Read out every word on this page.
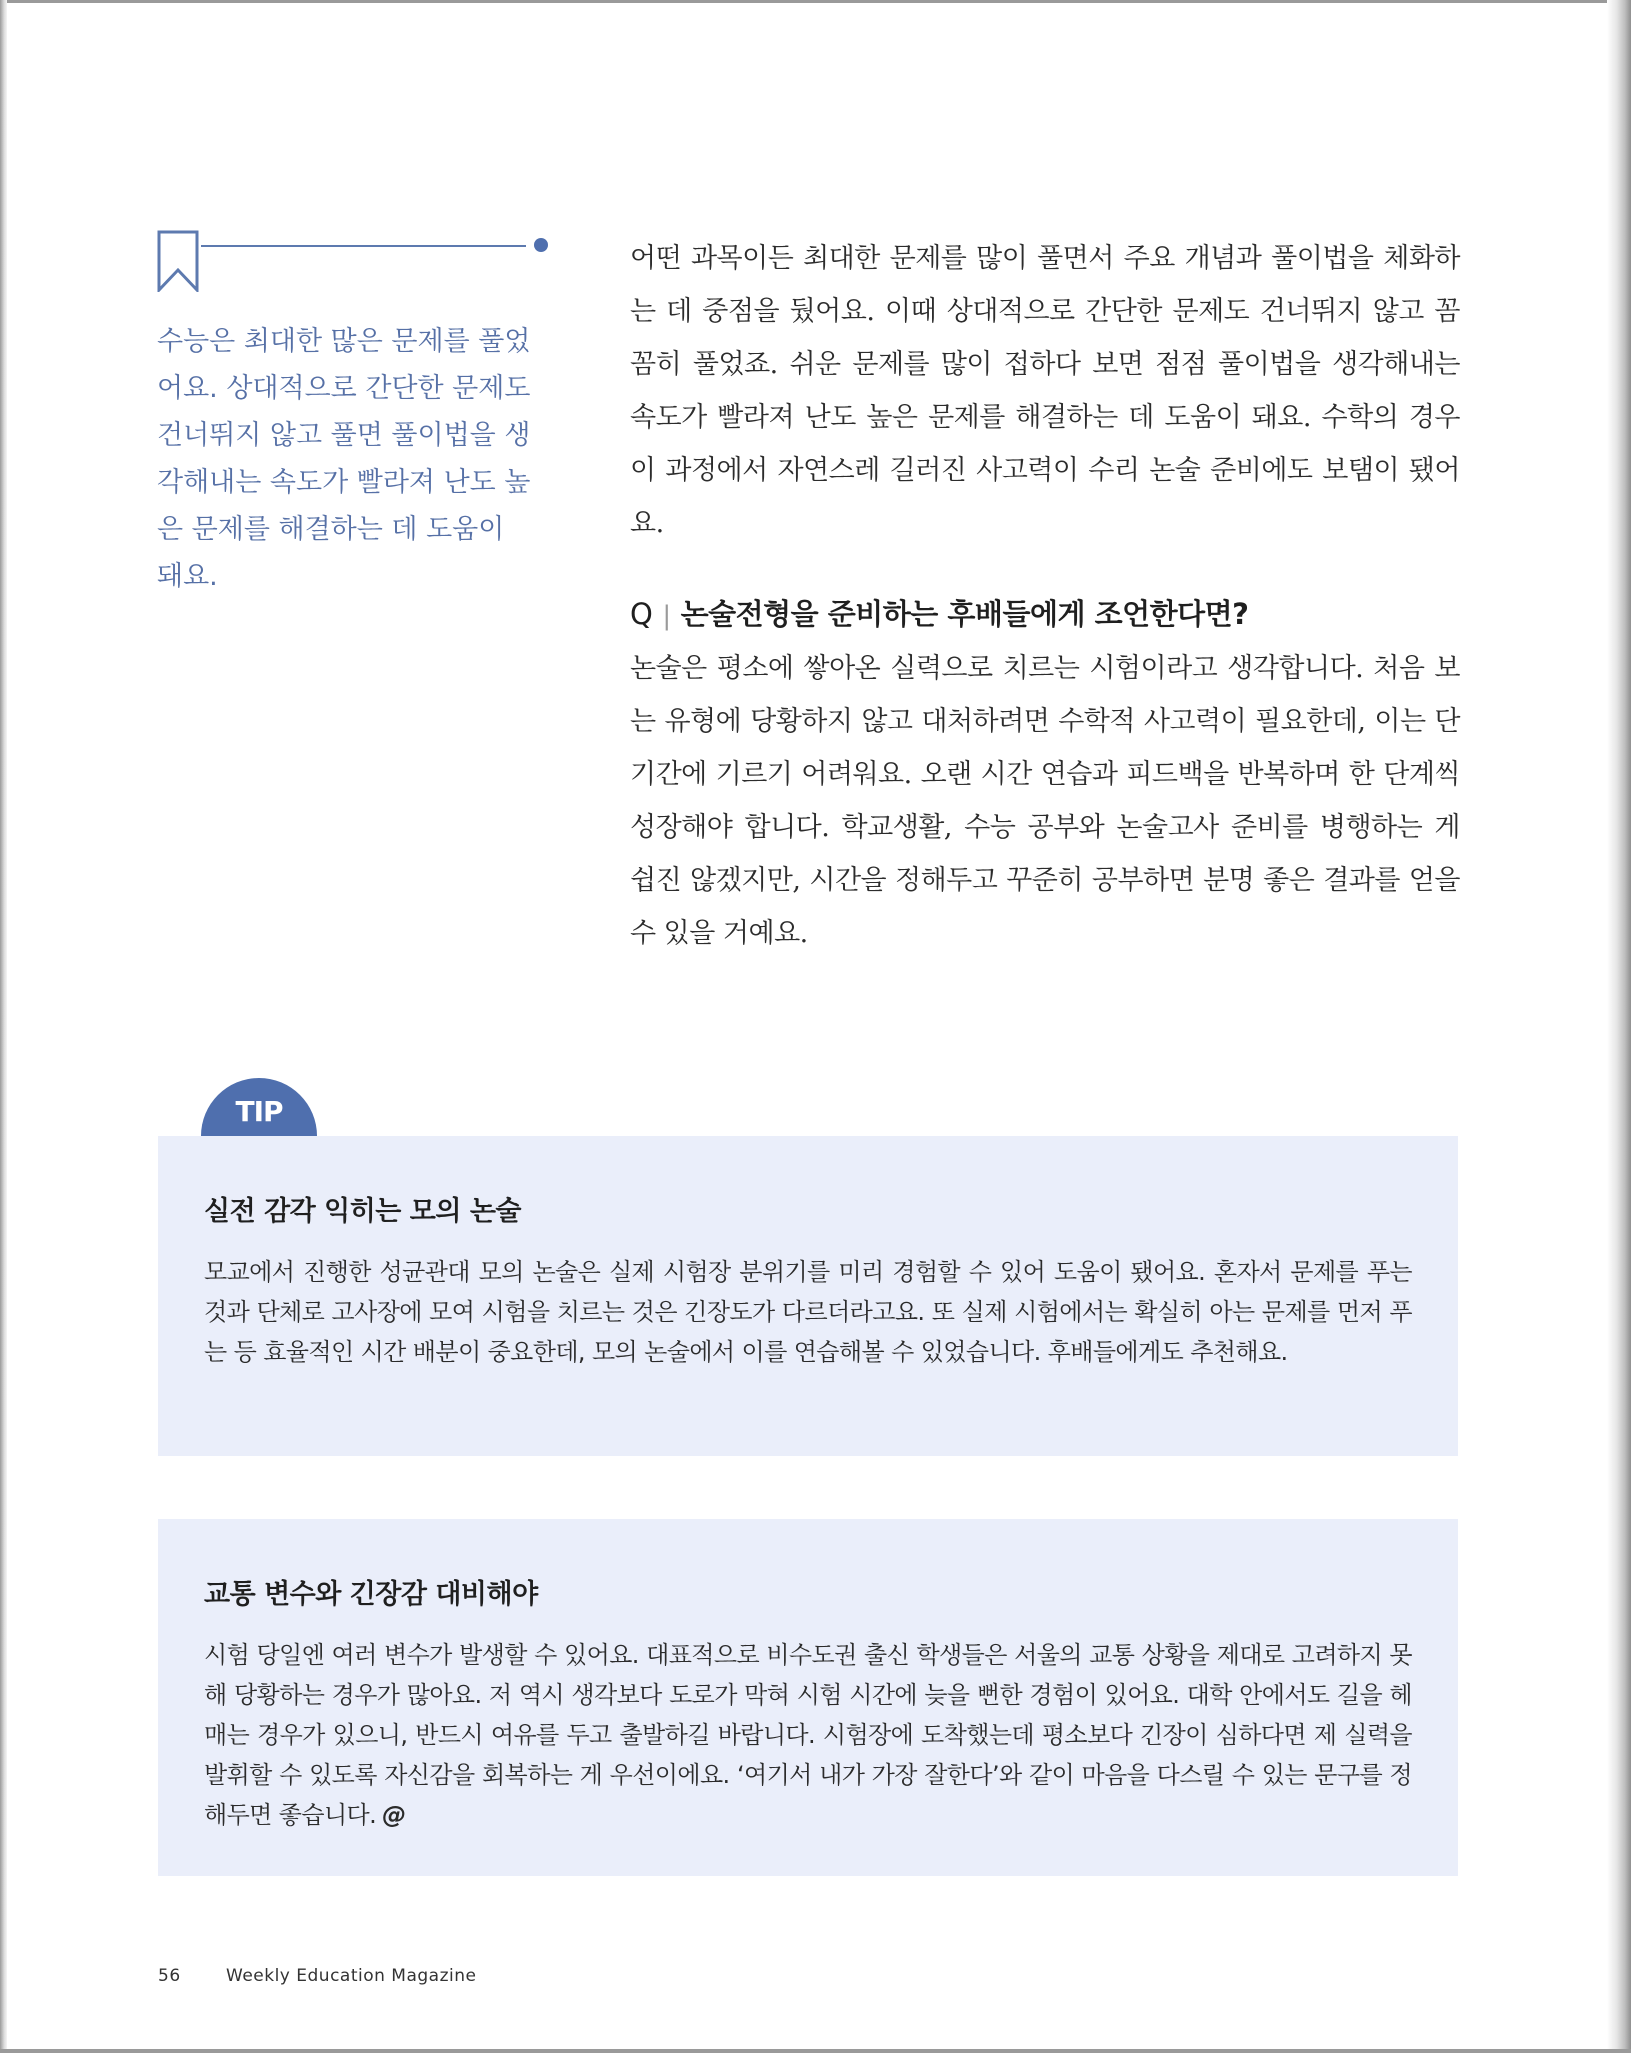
수능은 최대한 많은 문제를 풀었어요. 상대적으로 간단한 문제도 건너뛰지 않고 풀면 풀이법을 생각해내는 속도가 빨라져 난도 높은 문제를 해결하는 데 도움이 돼요.

어떤 과목이든 최대한 문제를 많이 풀면서 주요 개념과 풀이법을 체화하는 데 중점을 뒀어요. 이때 상대적으로 간단한 문제도 건너뛰지 않고 꼼꼼히 풀었죠. 쉬운 문제를 많이 접하다 보면 점점 풀이법을 생각해내는 속도가 빨라져 난도 높은 문제를 해결하는 데 도움이 돼요. 수학의 경우 이 과정에서 자연스레 길러진 사고력이 수리 논술 준비에도 보탬이 됐어요.

Q | 논술전형을 준비하는 후배들에게 조언한다면?

논술은 평소에 쌓아온 실력으로 치르는 시험이라고 생각합니다. 처음 보는 유형에 당황하지 않고 대처하려면 수학적 사고력이 필요한데, 이는 단기간에 기르기 어려워요. 오랜 시간 연습과 피드백을 반복하며 한 단계씩 성장해야 합니다. 학교생활, 수능 공부와 논술고사 준비를 병행하는 게 쉽진 않겠지만, 시간을 정해두고 꾸준히 공부하면 분명 좋은 결과를 얻을 수 있을 거예요.

TIP
실전 감각 익히는 모의 논술

모교에서 진행한 성균관대 모의 논술은 실제 시험장 분위기를 미리 경험할 수 있어 도움이 됐어요. 혼자서 문제를 푸는 것과 단체로 고사장에 모여 시험을 치르는 것은 긴장도가 다르더라고요. 또 실제 시험에서는 확실히 아는 문제를 먼저 푸는 등 효율적인 시간 배분이 중요한데, 모의 논술에서 이를 연습해볼 수 있었습니다. 후배들에게도 추천해요.

교통 변수와 긴장감 대비해야

시험 당일엔 여러 변수가 발생할 수 있어요. 대표적으로 비수도권 출신 학생들은 서울의 교통 상황을 제대로 고려하지 못해 당황하는 경우가 많아요. 저 역시 생각보다 도로가 막혀 시험 시간에 늦을 뻔한 경험이 있어요. 대학 안에서도 길을 헤매는 경우가 있으니, 반드시 여유를 두고 출발하길 바랍니다. 시험장에 도착했는데 평소보다 긴장이 심하다면 제 실력을 발휘할 수 있도록 자신감을 회복하는 게 우선이에요. ‘여기서 내가 가장 잘한다’와 같이 마음을 다스릴 수 있는 문구를 정해두면 좋습니다. @

56	Weekly Education Magazine
